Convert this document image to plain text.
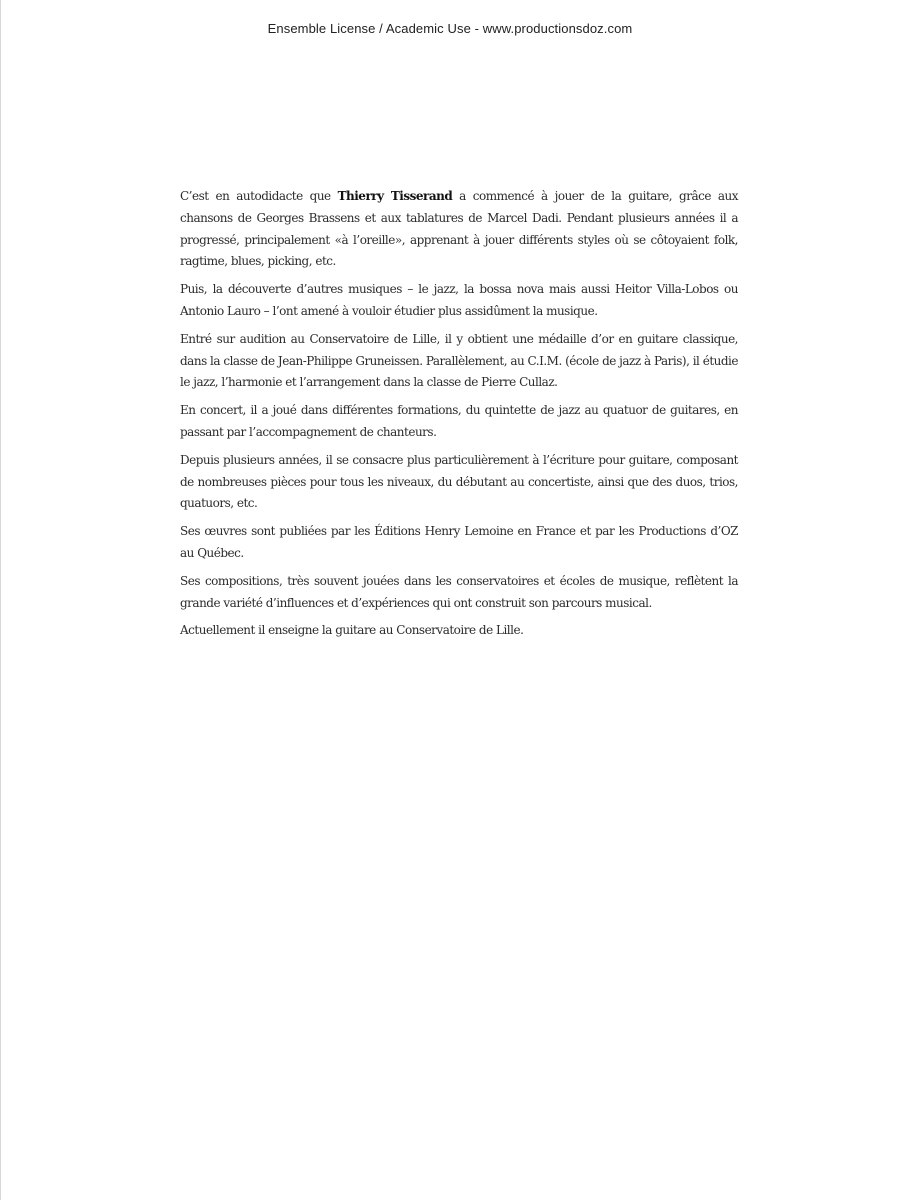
Ensemble License / Academic Use - www.productionsdoz.com

C’est en autodidacte que Thierry Tisserand a commencé à jouer de la guitare, grâce aux chansons de Georges Brassens et aux tablatures de Marcel Dadi. Pendant plusieurs années il a progressé, principalement «à l’oreille», apprenant à jouer différents styles où se côtoyaient folk, ragtime, blues, picking, etc.

Puis, la découverte d’autres musiques – le jazz, la bossa nova mais aussi Heitor Villa-Lobos ou Antonio Lauro – l’ont amené à vouloir étudier plus assidûment la musique.

Entré sur audition au Conservatoire de Lille, il y obtient une médaille d’or en guitare classique, dans la classe de Jean-Philippe Gruneissen. Parallèlement, au C.I.M. (école de jazz à Paris), il étudie le jazz, l’harmonie et l’arrangement dans la classe de Pierre Cullaz.

En concert, il a joué dans différentes formations, du quintette de jazz au quatuor de guitares, en passant par l’accompagnement de chanteurs.

Depuis plusieurs années, il se consacre plus particulièrement à l’écriture pour guitare, composant de nombreuses pièces pour tous les niveaux, du débutant au concertiste, ainsi que des duos, trios, quatuors, etc.

Ses œuvres sont publiées par les Éditions Henry Lemoine en France et par les Productions d’OZ au Québec.

Ses compositions, très souvent jouées dans les conservatoires et écoles de musique, reflètent la grande variété d’influences et d’expériences qui ont construit son parcours musical.

Actuellement il enseigne la guitare au Conservatoire de Lille.
